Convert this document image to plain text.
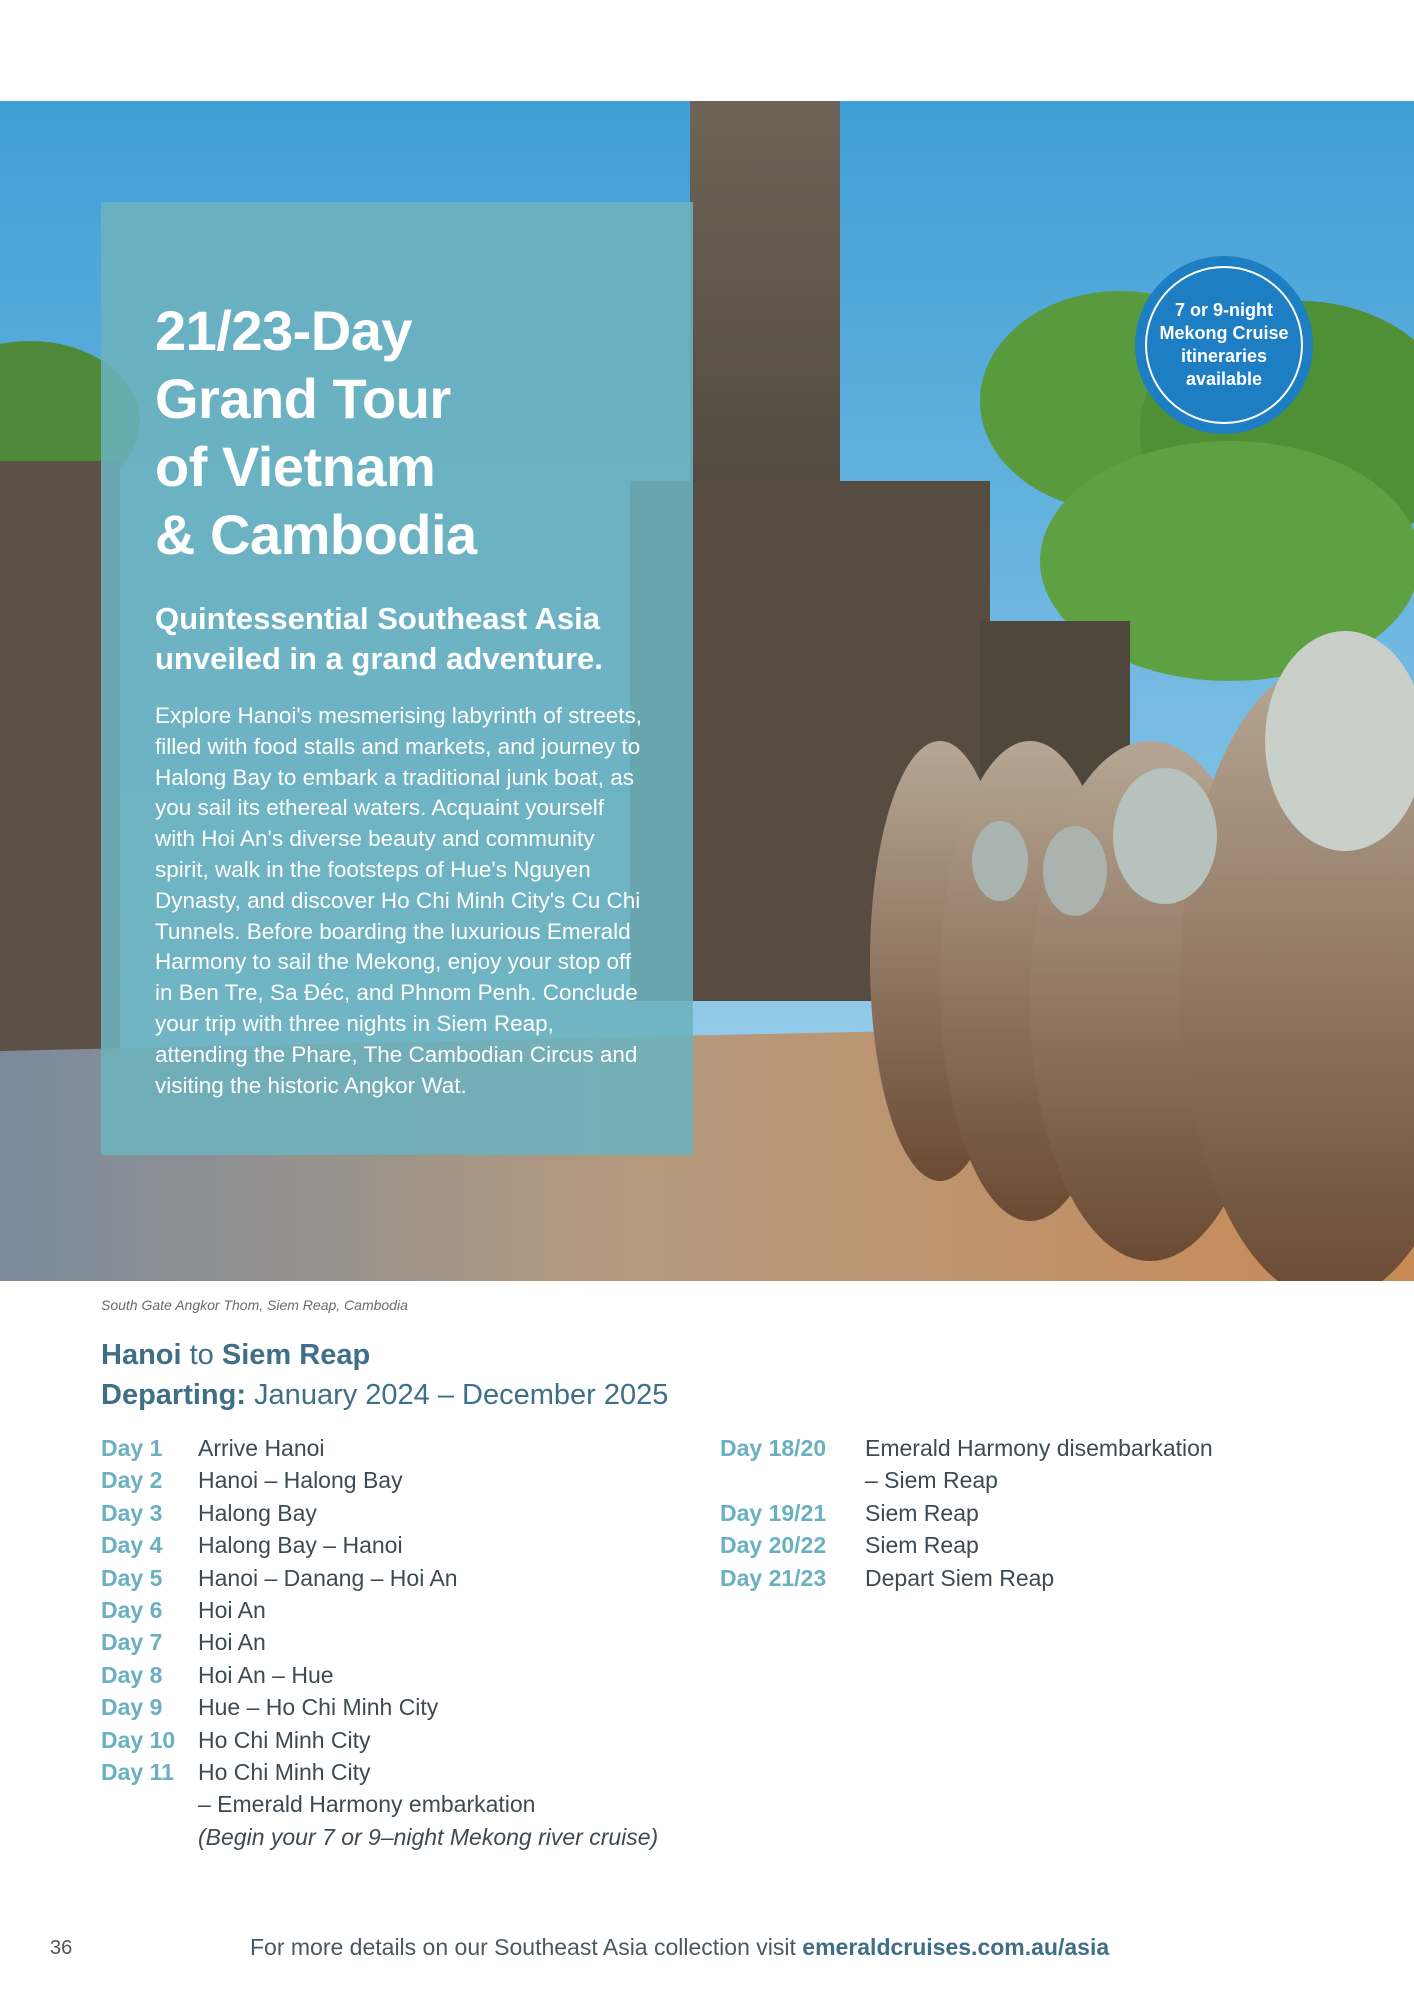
21/23-Day
Grand Tour
of Vietnam
& Cambodia
Quintessential Southeast Asia
unveiled in a grand adventure.
Explore Hanoi's mesmerising labyrinth of streets, filled with food stalls and markets, and journey to Halong Bay to embark a traditional junk boat, as you sail its ethereal waters. Acquaint yourself with Hoi An's diverse beauty and community spirit, walk in the footsteps of Hue's Nguyen Dynasty, and discover Ho Chi Minh City's Cu Chi Tunnels. Before boarding the luxurious Emerald Harmony to sail the Mekong, enjoy your stop off in Ben Tre, Sa Đéc, and Phnom Penh. Conclude your trip with three nights in Siem Reap, attending the Phare, The Cambodian Circus and visiting the historic Angkor Wat.
7 or 9-night
Mekong Cruise
itineraries
available
South Gate Angkor Thom, Siem Reap, Cambodia
Hanoi to Siem Reap
Departing: January 2024 – December 2025
Day 1	Arrive Hanoi
Day 2	Hanoi – Halong Bay
Day 3	Halong Bay
Day 4	Halong Bay – Hanoi
Day 5	Hanoi – Danang – Hoi An
Day 6	Hoi An
Day 7	Hoi An
Day 8	Hoi An – Hue
Day 9	Hue – Ho Chi Minh City
Day 10 Ho Chi Minh City
Day 11	Ho Chi Minh City
– Emerald Harmony embarkation
(Begin your 7 or 9–night Mekong river cruise)
Day 18/20	Emerald Harmony disembarkation
– Siem Reap
Day 19/21	Siem Reap
Day 20/22	Siem Reap
Day 21/23	Depart Siem Reap
36	For more details on our Southeast Asia collection visit emeraldcruises.com.au/asia
